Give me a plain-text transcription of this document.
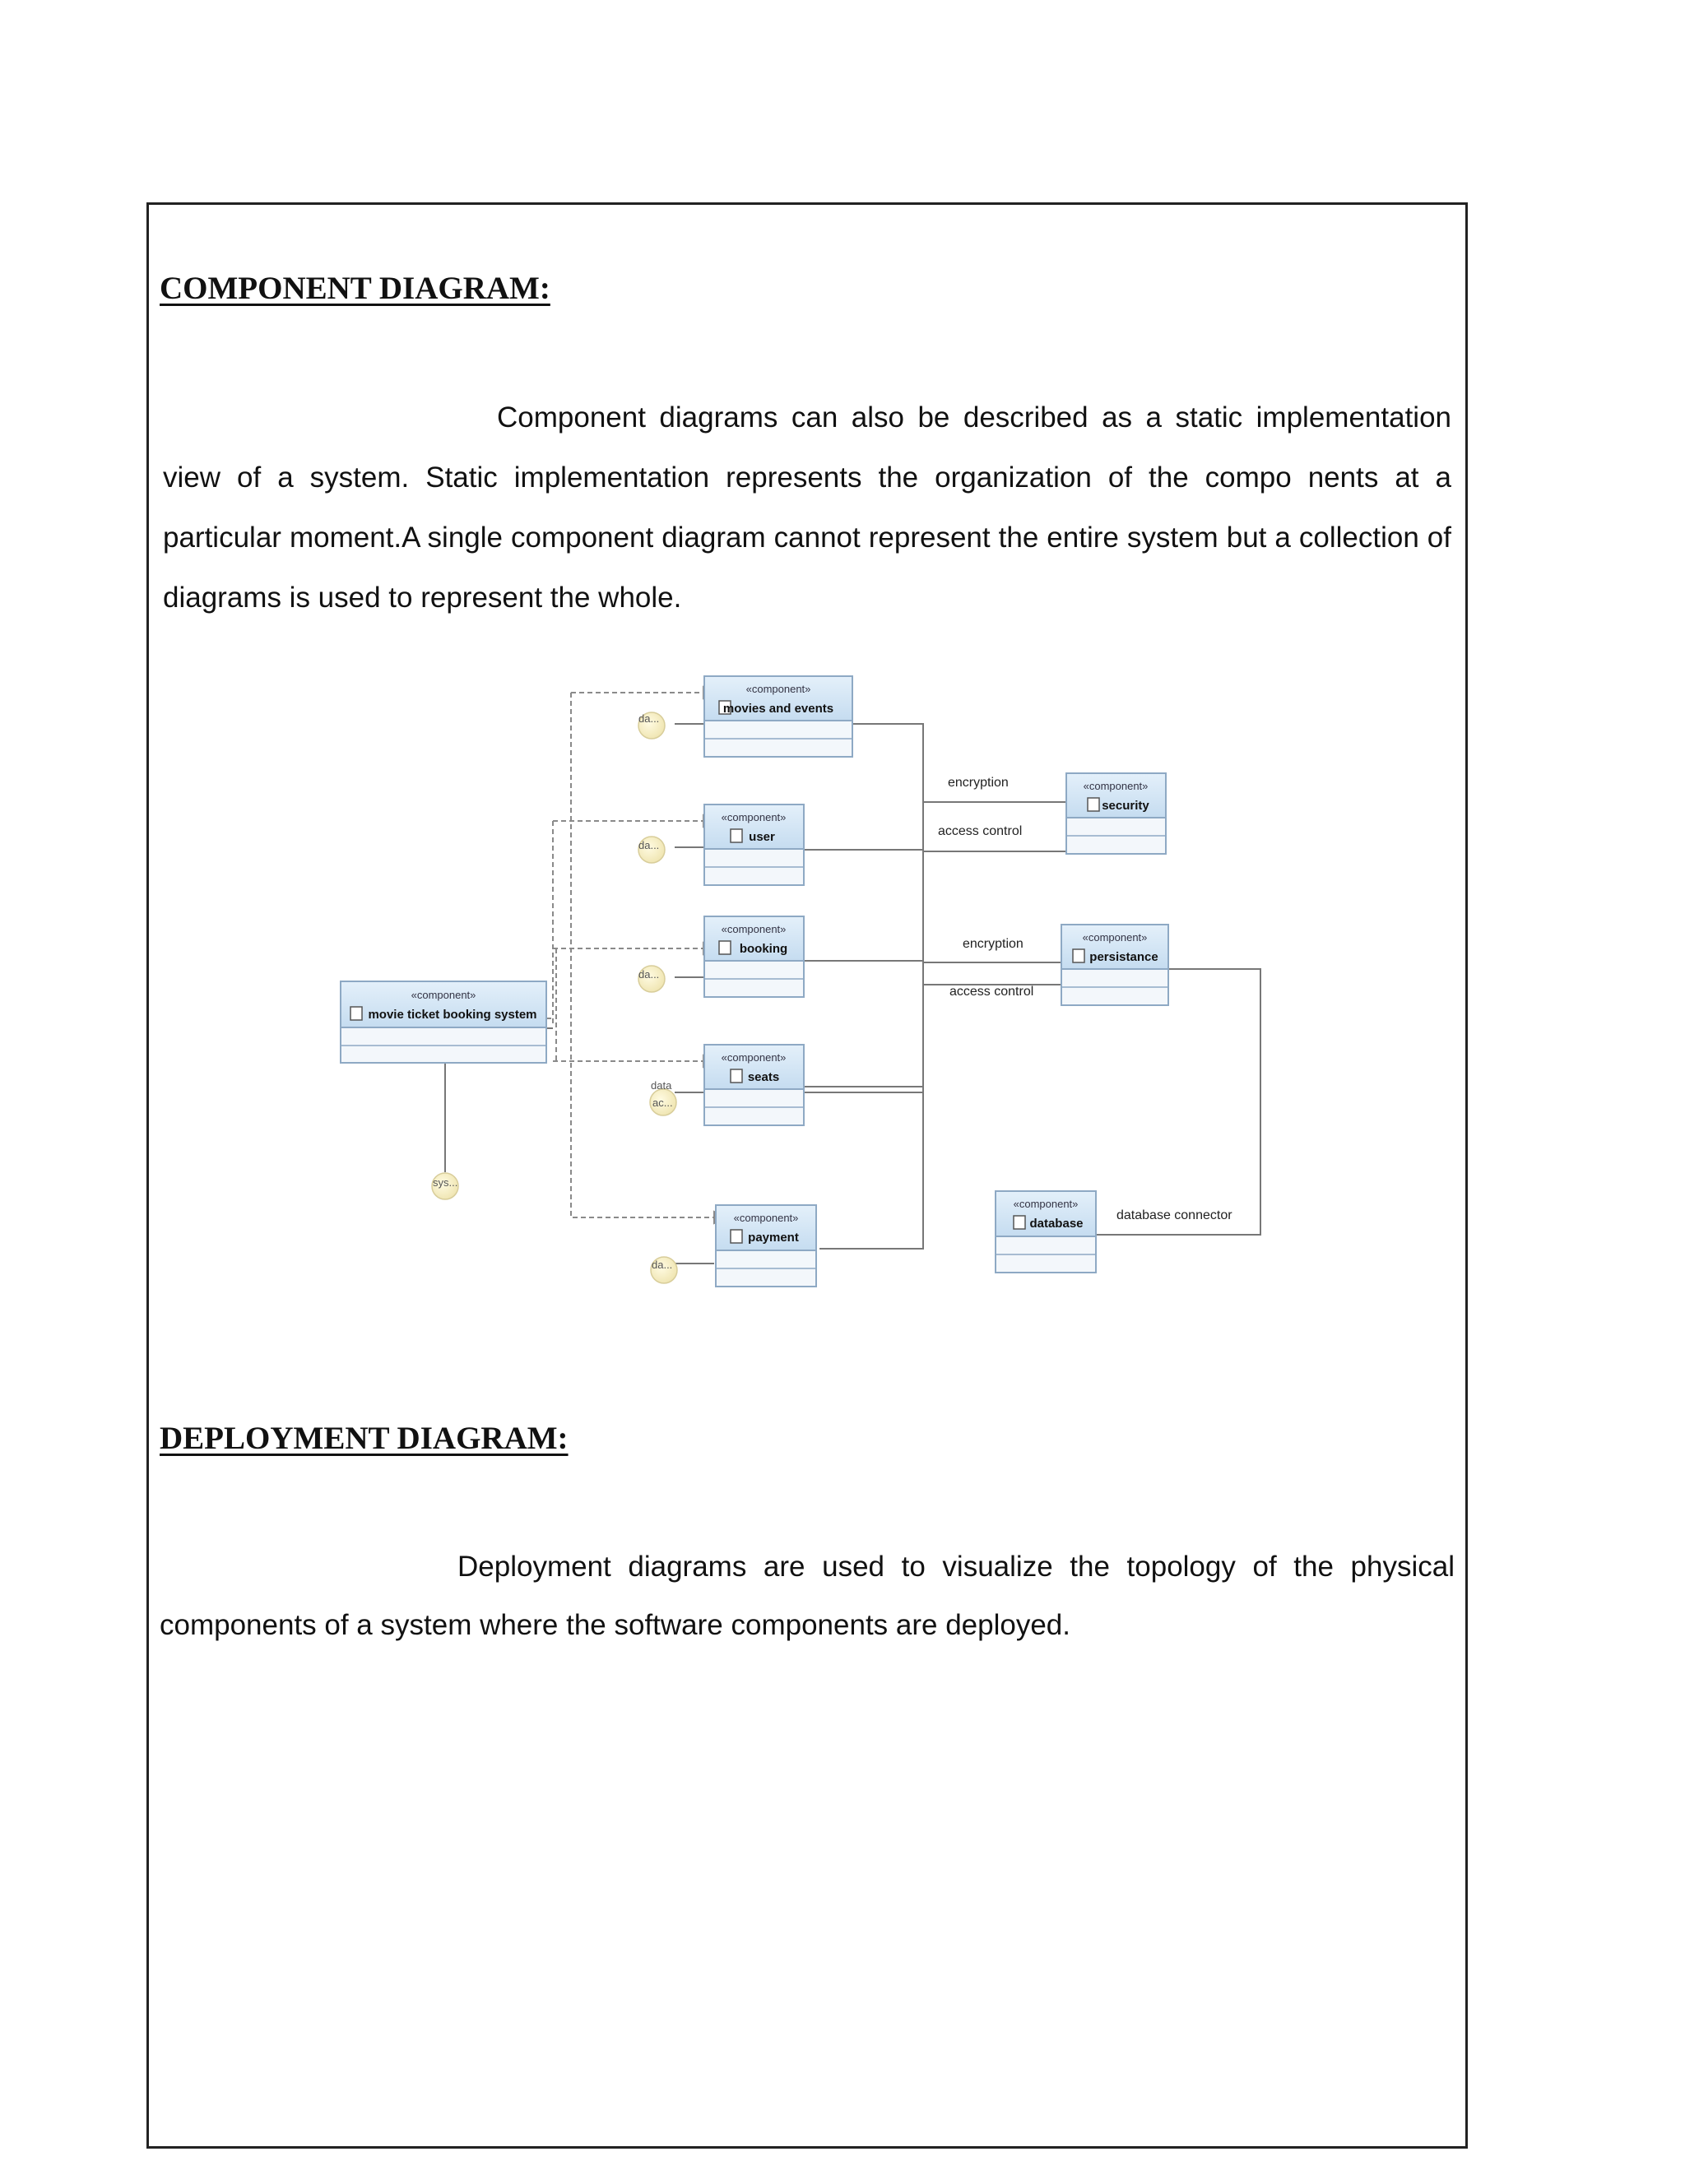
COMPONENT DIAGRAM:
Component diagrams can also be described as a static implementation view of a system. Static implementation represents the organization of the compo nents at a particular moment.A single component diagram cannot represent the entire system but a collection of diagrams is used to represent the whole.
da...
da...
da...
data
ac...
da...
sys...
encryption
access control
encryption
access control
database connector
«component»
movies and events
«component»
user
«component»
booking
«component»
movie ticket booking system
«component»
seats
«component»
payment
«component»
security
«component»
persistance
«component»
database
DEPLOYMENT DIAGRAM:
Deployment diagrams are used to visualize the topology of the physical
components of a system where the software components are deployed.
